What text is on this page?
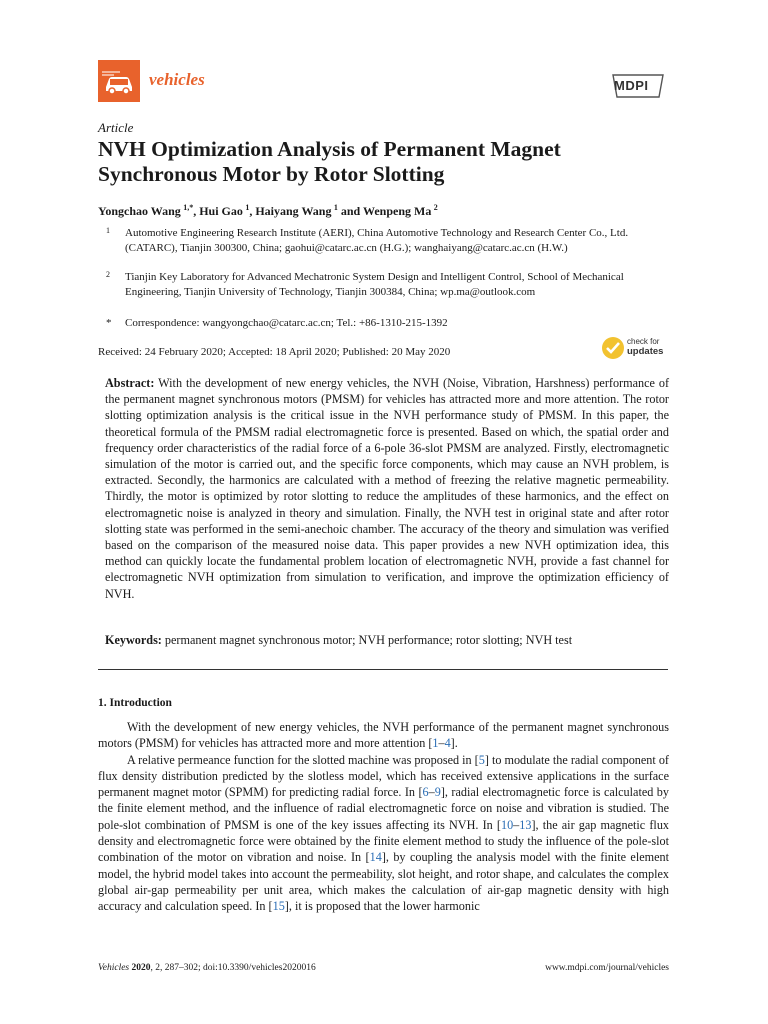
vehicles	MDPI
Article
NVH Optimization Analysis of Permanent Magnet Synchronous Motor by Rotor Slotting
Yongchao Wang  $^{1,*}$, Hui Gao  $^1$, Haiyang Wang  $^1$ and Wenpeng Ma  $^2$
1 Automotive Engineering Research Institute (AERI), China Automotive Technology and Research Center Co., Ltd. (CATARC), Tianjin 300300, China; gaohui@catarc.ac.cn (H.G.); wanghaiyang@catarc.ac.cn (H.W.)
2 Tianjin Key Laboratory for Advanced Mechatronic System Design and Intelligent Control, School of Mechanical Engineering, Tianjin University of Technology, Tianjin 300384, China; wp.ma@outlook.com
* Correspondence: wangyongchao@catarc.ac.cn; Tel.: +86-1310-215-1392
Received: 24 February 2020; Accepted: 18 April 2020; Published: 20 May 2020
check for
updates
Abstract: With the development of new energy vehicles, the NVH (Noise, Vibration, Harshness) performance of the permanent magnet synchronous motors (PMSM) for vehicles has attracted more and more attention. The rotor slotting optimization analysis is the critical issue in the NVH performance study of PMSM. In this paper, the theoretical formula of the PMSM radial electromagnetic force is presented. Based on which, the spatial order and frequency order characteristics of the radial force of a 6-pole 36-slot PMSM are analyzed. Firstly, electromagnetic simulation of the motor is carried out, and the specific force components, which may cause an NVH problem, is extracted. Secondly, the harmonics are calculated with a method of freezing the relative magnetic permeability. Thirdly, the motor is optimized by rotor slotting to reduce the amplitudes of these harmonics, and the effect on electromagnetic noise is analyzed in theory and simulation. Finally, the NVH test in original state and after rotor slotting state was performed in the semi-anechoic chamber. The accuracy of the theory and simulation was verified based on the comparison of the measured noise data. This paper provides a new NVH optimization idea, this method can quickly locate the fundamental problem location of electromagnetic NVH, provide a fast channel for electromagnetic NVH optimization from simulation to verification, and improve the optimization efficiency of NVH.
Keywords: permanent magnet synchronous motor; NVH performance; rotor slotting; NVH test
1. Introduction

With the development of new energy vehicles, the NVH performance of the permanent magnet synchronous motors (PMSM) for vehicles has attracted more and more attention [1–4].

A relative permeance function for the slotted machine was proposed in [5] to modulate the radial component of flux density distribution predicted by the slotless model, which has received extensive applications in the surface permanent magnet motor (SPMM) for predicting radial force. In [6–9], radial electromagnetic force is calculated by the finite element method, and the influence of radial electromagnetic force on noise and vibration is studied. The pole-slot combination of PMSM is one of the key issues affecting its NVH. In [10–13], the air gap magnetic flux density and electromagnetic force were obtained by the finite element method to study the influence of the pole-slot combination of the motor on vibration and noise. In [14], by coupling the analysis model with the finite element model, the hybrid model takes into account the permeability, slot height, and rotor shape, and calculates the complex global air-gap permeability per unit area, which makes the calculation of air-gap magnetic density with high accuracy and calculation speed. In [15], it is proposed that the lower harmonic

Vehicles 2020, 2, 287–302; doi:10.3390/vehicles2020016	www.mdpi.com/journal/vehicles
